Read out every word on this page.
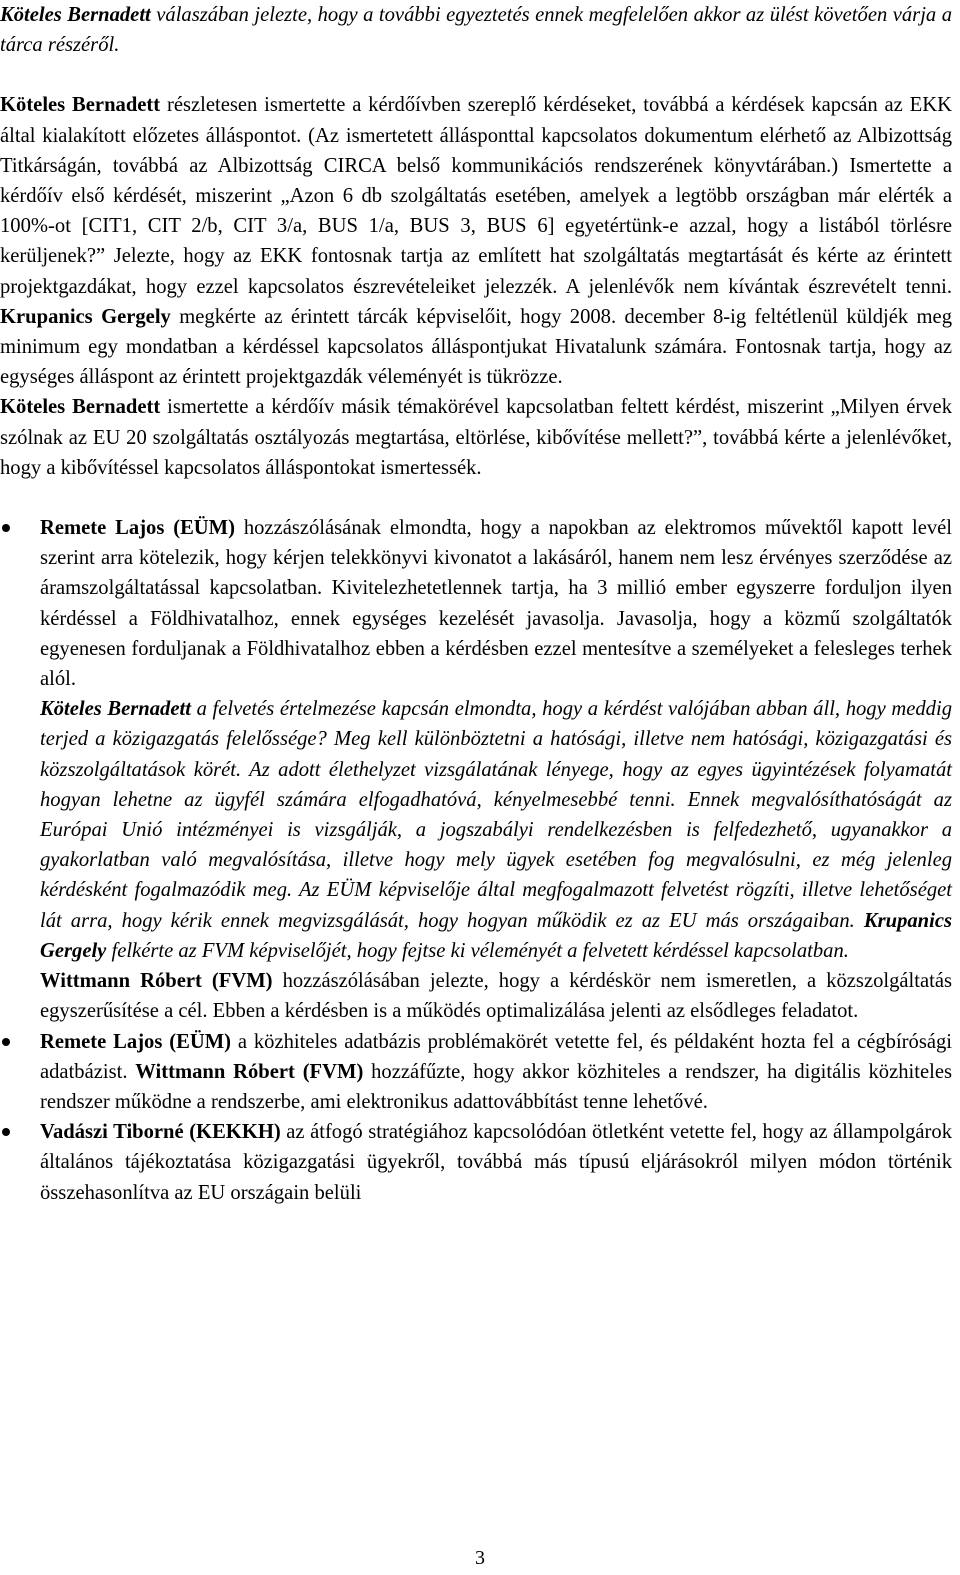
Köteles Bernadett válaszában jelezte, hogy a további egyeztetés ennek megfelelően akkor az ülést követően várja a tárca részéről.

Köteles Bernadett részletesen ismertette a kérdőívben szereplő kérdéseket, továbbá a kérdések kapcsán az EKK által kialakított előzetes álláspontot. (Az ismertetett állásponttal kapcsolatos dokumentum elérhető az Albizottság Titkárságán, továbbá az Albizottság CIRCA belső kommunikációs rendszerének könyvtárában.) Ismertette a kérdőív első kérdését, miszerint „Azon 6 db szolgáltatás esetében, amelyek a legtöbb országban már elérték a 100%-ot [CIT1, CIT 2/b, CIT 3/a, BUS 1/a, BUS 3, BUS 6] egyetértünk-e azzal, hogy a listából törlésre kerüljenek?” Jelezte, hogy az EKK fontosnak tartja az említett hat szolgáltatás megtartását és kérte az érintett projektgazdákat, hogy ezzel kapcsolatos észrevételeiket jelezzék. A jelenlévők nem kívántak észrevételt tenni. Krupanics Gergely megkérte az érintett tárcák képviselőit, hogy 2008. december 8-ig feltétlenül küldjék meg minimum egy mondatban a kérdéssel kapcsolatos álláspontjukat Hivatalunk számára. Fontosnak tartja, hogy az egységes álláspont az érintett projektgazdák véleményét is tükrözze.

Köteles Bernadett ismertette a kérdőív másik témakörével kapcsolatban feltett kérdést, miszerint „Milyen érvek szólnak az EU 20 szolgáltatás osztályozás megtartása, eltörlése, kibővítése mellett?”, továbbá kérte a jelenlévőket, hogy a kibővítéssel kapcsolatos álláspontokat ismertessék.

Remete Lajos (EÜM) hozzászólásának elmondta, hogy a napokban az elektromos művektől kapott levél szerint arra kötelezik, hogy kérjen telekkönyvi kivonatot a lakásáról, hanem nem lesz érvényes szerződése az áramszolgáltatással kapcsolatban. Kivitelezhetetlennek tartja, ha 3 millió ember egyszerre forduljon ilyen kérdéssel a Földhivatalhoz, ennek egységes kezelését javasolja. Javasolja, hogy a közmű szolgáltatók egyenesen forduljanak a Földhivatalhoz ebben a kérdésben ezzel mentesítve a személyeket a felesleges terhek alól.

Köteles Bernadett a felvetés értelmezése kapcsán elmondta, hogy a kérdést valójában abban áll, hogy meddig terjed a közigazgatás felelőssége? Meg kell különböztetni a hatósági, illetve nem hatósági, közigazgatási és közszolgáltatások körét. Az adott élethelyzet vizsgálatának lényege, hogy az egyes ügyintézések folyamatát hogyan lehetne az ügyfél számára elfogadhatóvá, kényelmesebbé tenni. Ennek megvalósíthatóságát az Európai Unió intézményei is vizsgálják, a jogszabályi rendelkezésben is felfedezhető, ugyanakkor a gyakorlatban való megvalósítása, illetve hogy mely ügyek esetében fog megvalósulni, ez még jelenleg kérdésként fogalmazódik meg. Az EÜM képviselője által megfogalmazott felvetést rögzíti, illetve lehetőséget lát arra, hogy kérik ennek megvizsgálását, hogy hogyan működik ez az EU más országaiban. Krupanics Gergely felkérte az FVM képviselőjét, hogy fejtse ki véleményét a felvetett kérdéssel kapcsolatban.

Wittmann Róbert (FVM) hozzászólásában jelezte, hogy a kérdéskör nem ismeretlen, a közszolgáltatás egyszerűsítése a cél. Ebben a kérdésben is a működés optimalizálása jelenti az elsődleges feladatot.

Remete Lajos (EÜM) a közhiteles adatbázis problémakörét vetette fel, és példaként hozta fel a cégbírósági adatbázist. Wittmann Róbert (FVM) hozzáfűzte, hogy akkor közhiteles a rendszer, ha digitális közhiteles rendszer működne a rendszerbe, ami elektronikus adattovábbítást tenne lehetővé.

Vadászi Tiborné (KEKKH) az átfogó stratégiához kapcsolódóan ötletként vetette fel, hogy az állampolgárok általános tájékoztatása közigazgatási ügyekről, továbbá más típusú eljárásokról milyen módon történik összehasonlítva az EU országain belüli

3
